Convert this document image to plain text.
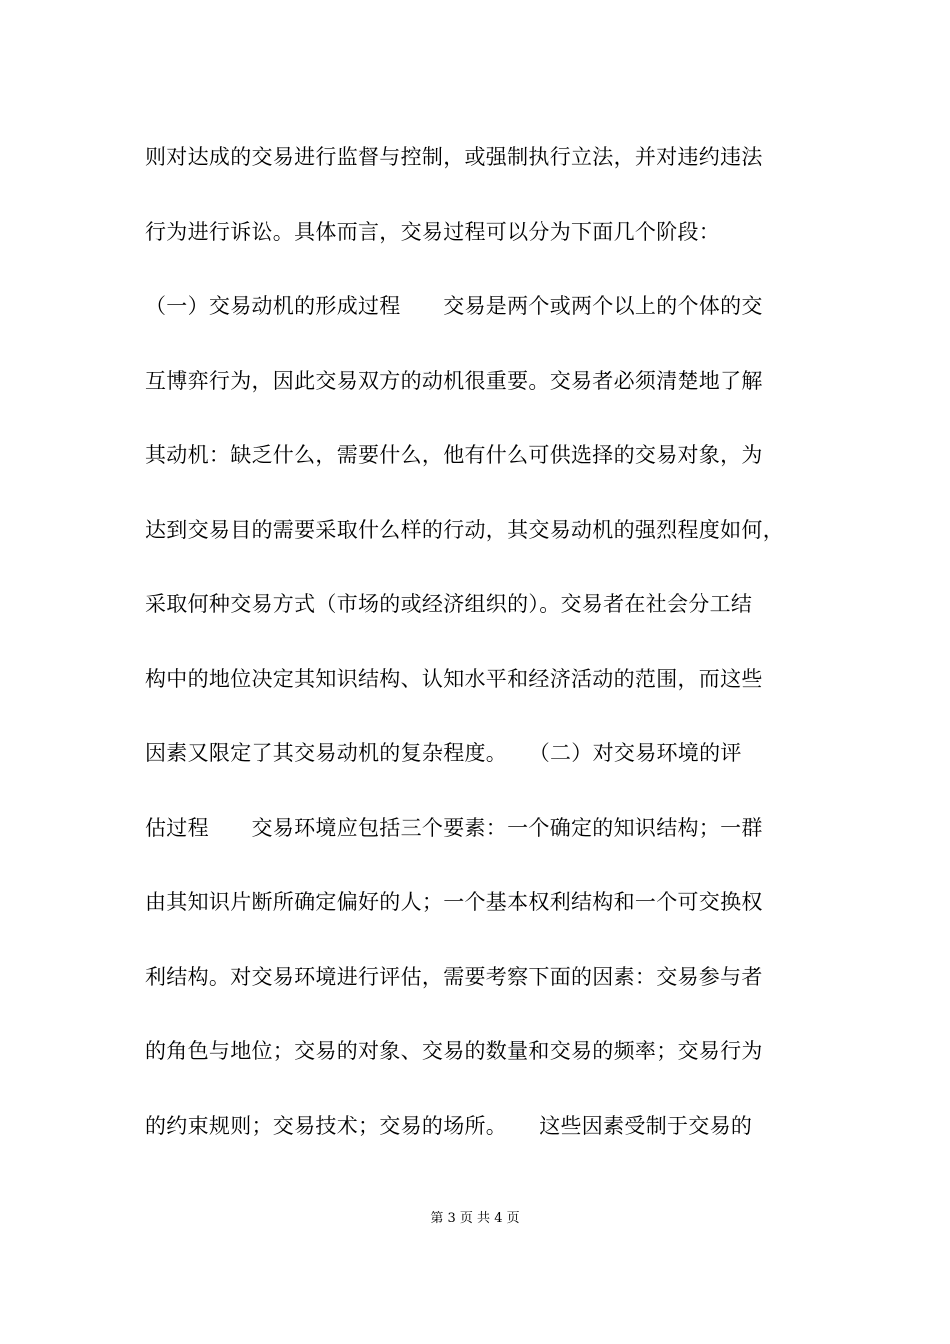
则对达成的交易进行监督与控制，或强制执行立法，并对违约违法
行为进行诉讼。具体而言，交易过程可以分为下面几个阶段：
（一）交易动机的形成过程　　交易是两个或两个以上的个体的交
互博弈行为，因此交易双方的动机很重要。交易者必须清楚地了解
其动机：缺乏什么，需要什么，他有什么可供选择的交易对象，为
达到交易目的需要采取什么样的行动，其交易动机的强烈程度如何，
采取何种交易方式（市场的或经济组织的）。交易者在社会分工结
构中的地位决定其知识结构、认知水平和经济活动的范围，而这些
因素又限定了其交易动机的复杂程度。　　（二）对交易环境的评
估过程　　交易环境应包括三个要素：一个确定的知识结构；一群
由其知识片断所确定偏好的人；一个基本权利结构和一个可交换权
利结构。对交易环境进行评估，需要考察下面的因素：交易参与者
的角色与地位；交易的对象、交易的数量和交易的频率；交易行为
的约束规则；交易技术；交易的场所。　　这些因素受制于交易的
第 3 页 共 4 页
